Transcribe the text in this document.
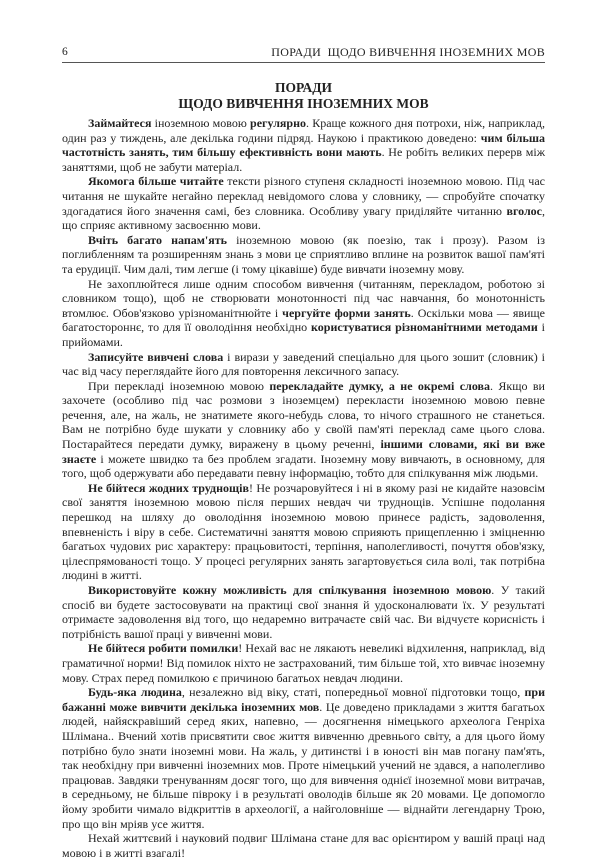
6	ПОРАДИ  ЩОДО ВИВЧЕННЯ ІНОЗЕМНИХ МОВ
ПОРАДИ
ЩОДО ВИВЧЕННЯ ІНОЗЕМНИХ МОВ

Займайтеся іноземною мовою регулярно. Краще кожного дня потрохи, ніж, наприклад, один раз у тиждень, але декілька години підряд. Наукою і практикою доведено: чим більша частотність занять, тим більшу ефективність вони мають. Не робіть великих перерв між заняттями, щоб не забути матеріал.

Якомога більше читайте тексти різного ступеня складності іноземною мовою. Під час читання не шукайте негайно переклад невідомого слова у словнику, — спробуйте спочатку здогадатися його значення самі, без словника. Особливу увагу приділяйте читанню вголос, що сприяє активному засвоєнню мови.

Вчіть багато напам'ять іноземною мовою (як поезію, так і прозу). Разом із поглибленням та розширенням знань з мови це сприятливо вплине на розвиток вашої пам'яті та ерудиції. Чим далі, тим легше (і тому цікавіше) буде вивчати іноземну мову.

Не захоплюйтеся лише одним способом вивчення (читанням, перекладом, роботою зі словником тощо), щоб не створювати монотонності під час навчання, бо монотонність втомлює. Обов'язково урізноманітнюйте і чергуйте форми занять. Оскільки мова — явище багатостороннє, то для її оволодіння необхідно користуватися різноманітними методами і прийомами.

Записуйте вивчені слова і вирази у заведений спеціально для цього зошит (словник) і час від часу переглядайте його для повторення лексичного запасу.

При перекладі іноземною мовою перекладайте думку, а не окремі слова. Якщо ви захочете (особливо під час розмови з іноземцем) перекласти іноземною мовою певне речення, але, на жаль, не знатимете якого-небудь слова, то нічого страшного не станеться. Вам не потрібно буде шукати у словнику або у своїй пам'яті переклад саме цього слова. Постарайтеся передати думку, виражену в цьому реченні, іншими словами, які ви вже знаєте і можете швидко та без проблем згадати. Іноземну мову вивчають, в основному, для того, щоб одержувати або передавати певну інформацію, тобто для спілкування між людьми.

Не бійтеся жодних труднощів! Не розчаровуйтеся і ні в якому разі не кидайте назовсім свої заняття іноземною мовою після перших невдач чи труднощів. Успішне подолання перешкод на шляху до оволодіння іноземною мовою принесе радість, задоволення, впевненість і віру в себе. Систематичні заняття мовою сприяють прищепленню і зміцненню багатьох чудових рис характеру: працьовитості, терпіння, наполегливості, почуття обов'язку, цілеспрямованості тощо. У процесі регулярних занять загартовується сила волі, так потрібна людині в житті.

Використовуйте кожну можливість для спілкування іноземною мовою. У такий спосіб ви будете застосовувати на практиці свої знання й удосконалювати їх. У результаті отримаєте задоволення від того, що недаремно витрачаєте свій час. Ви відчуєте корисність і потрібність вашої праці у вивченні мови.

Не бійтеся робити помилки! Нехай вас не лякають невеликі відхилення, наприклад, від граматичної норми! Від помилок ніхто не застрахований, тим більше той, хто вивчає іноземну мову. Страх перед помилкою є причиною багатьох невдач людини.

Будь-яка людина, незалежно від віку, статі, попередньої мовної підготовки тощо, при бажанні може вивчити декілька іноземних мов. Це доведено прикладами з життя багатьох людей, найяскравіший серед яких, напевно, — досягнення німецького археолога Генріха Шлімана.. Вчений хотів присвятити своє життя вивченню древнього світу, а для цього йому потрібно було знати іноземні мови. На жаль, у дитинстві і в юності він мав погану пам'ять, так необхідну при вивченні іноземних мов. Проте німецький учений не здався, а наполегливо працював. Завдяки тренуванням досяг того, що для вивчення однієї іноземної мови витрачав, в середньому, не більше півроку і в результаті оволодів більше як 20 мовами. Це допомогло йому зробити чимало відкриттів в археології, а найголовніше — віднайти легендарну Трою, про що він мріяв усе життя.

Нехай життєвий і науковий подвиг Шлімана стане для вас орієнтиром у вашій праці над мовою і в житті взагалі!
